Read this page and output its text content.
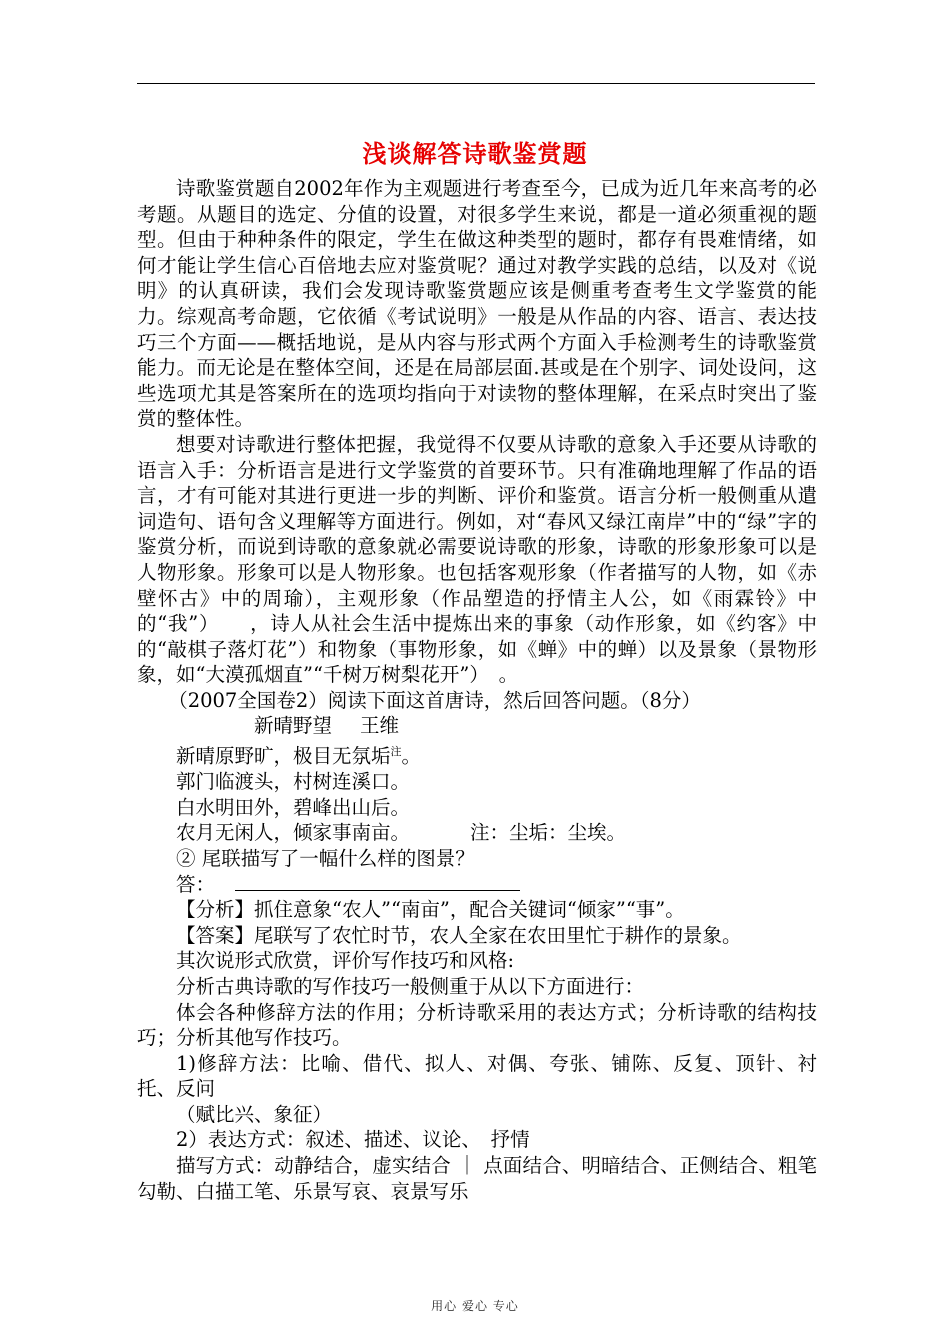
浅谈解答诗歌鉴赏题

诗歌鉴赏题自2002年作为主观题进行考查至今，已成为近几年来高考的必考题。从题目的选定、分值的设置，对很多学生来说，都是一道必须重视的题型。但由于种种条件的限定，学生在做这种类型的题时，都存有畏难情绪，如何才能让学生信心百倍地去应对鉴赏呢？通过对教学实践的总结，以及对《说明》的认真研读，我们会发现诗歌鉴赏题应该是侧重考查考生文学鉴赏的能力。综观高考命题，它依循《考试说明》一般是从作品的内容、语言、表达技巧三个方面——概括地说，是从内容与形式两个方面入手检测考生的诗歌鉴赏能力。而无论是在整体空间，还是在局部层面.甚或是在个别字、词处设问，这些选项尤其是答案所在的选项均指向于对读物的整体理解，在采点时突出了鉴赏的整体性。

想要对诗歌进行整体把握，我觉得不仅要从诗歌的意象入手还要从诗歌的语言入手：分析语言是进行文学鉴赏的首要环节。只有准确地理解了作品的语言，才有可能对其进行更进一步的判断、评价和鉴赏。语言分析一般侧重从遣词造句、语句含义理解等方面进行。例如，对“春风又绿江南岸”中的“绿”字的鉴赏分析，而说到诗歌的意象就必需要说诗歌的形象，诗歌的形象形象可以是人物形象。形象可以是人物形象。也包括客观形象（作者描写的人物，如《赤壁怀古》中的周瑜），主观形象（作品塑造的抒情主人公，如《雨霖铃》中的“我”）　　，诗人从社会生活中提炼出来的事象（动作形象，如《约客》中的“敲棋子落灯花”）和物象（事物形象，如《蝉》中的蝉）以及景象（景物形象，如“大漠孤烟直”“千树万树梨花开”）　。

（2007全国卷2）阅读下面这首唐诗，然后回答问题。（8分）

新晴野望 王维

新晴原野旷，极目无氛垢$^注$。

郭门临渡头，村树连溪口。

白水明田外，碧峰出山后。

农月无闲人，倾家事南亩。	注：尘垢：尘埃。

② 尾联描写了一幅什么样的图景？

答：

【分析】抓住意象“农人”“南亩”，配合关键词“倾家”“事”。

【答案】尾联写了农忙时节，农人全家在农田里忙于耕作的景象。

其次说形式欣赏，评价写作技巧和风格:

分析古典诗歌的写作技巧一般侧重于从以下方面进行：

体会各种修辞方法的作用；分析诗歌采用的表达方式；分析诗歌的结构技巧；分析其他写作技巧。

1)修辞方法：比喻、借代、拟人、对偶、夸张、铺陈、反复、顶针、衬托、反问

（赋比兴、象征）

2）表达方式：叙述、描述、议论、　抒情

描写方式：动静结合，虚实结合 ｜ 点面结合、明暗结合、正侧结合、粗笔勾勒、白描工笔、乐景写哀、哀景写乐

用心 爱心 专心
